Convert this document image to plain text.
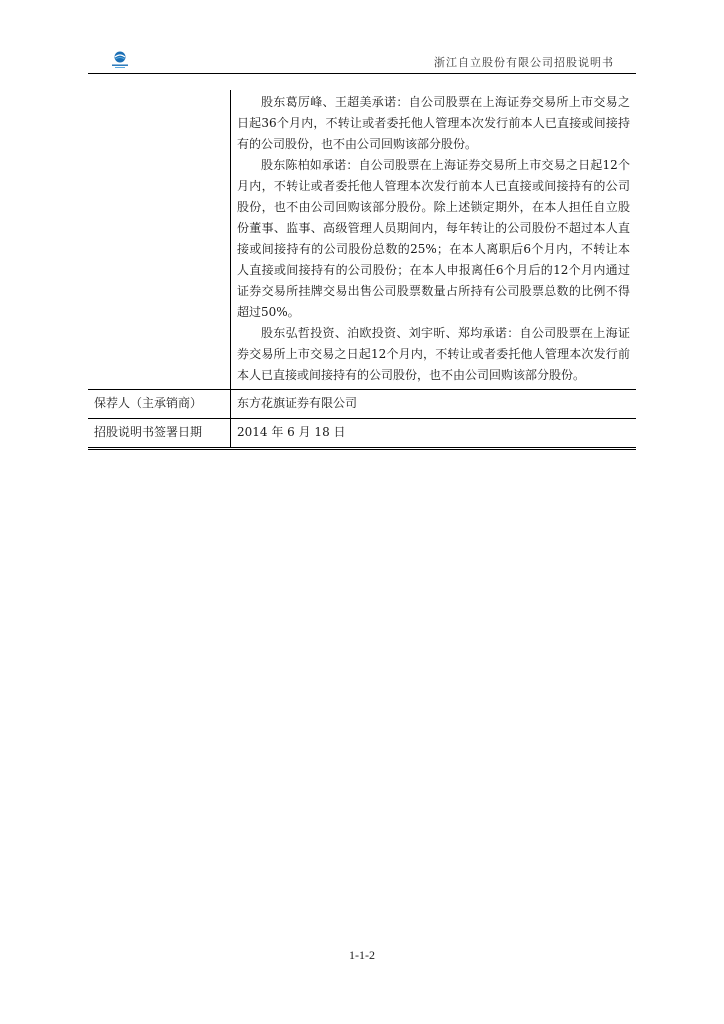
浙江自立股份有限公司招股说明书

	股东葛厉峰、王超美承诺：自公司股票在上海证券交易所上市交易之日起36个月内，不转让或者委托他人管理本次发行前本人已直接或间接持有的公司股份，也不由公司回购该部分股份。

股东陈柏如承诺：自公司股票在上海证券交易所上市交易之日起12个月内，不转让或者委托他人管理本次发行前本人已直接或间接持有的公司股份，也不由公司回购该部分股份。除上述锁定期外，在本人担任自立股份董事、监事、高级管理人员期间内，每年转让的公司股份不超过本人直接或间接持有的公司股份总数的25%；在本人离职后6个月内，不转让本人直接或间接持有的公司股份；在本人申报离任6个月后的12个月内通过证券交易所挂牌交易出售公司股票数量占所持有公司股票总数的比例不得超过50%。

股东弘哲投资、泊欧投资、刘宇昕、郑均承诺：自公司股票在上海证券交易所上市交易之日起12个月内，不转让或者委托他人管理本次发行前本人已直接或间接持有的公司股份，也不由公司回购该部分股份。

保荐人（主承销商）	东方花旗证券有限公司
招股说明书签署日期	2014 年 6 月 18 日
1-1-2
